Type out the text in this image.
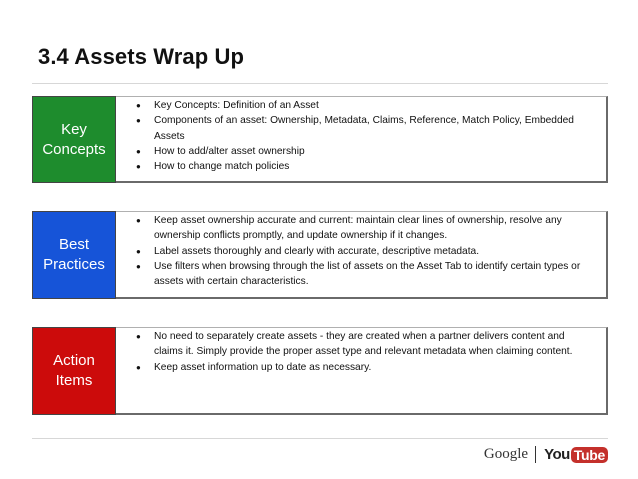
3.4 Assets Wrap Up
Key
Concepts
● Key Concepts: Definition of an Asset
● Components of an asset: Ownership, Metadata, Claims, Reference, Match Policy, Embedded Assets
● How to add/alter asset ownership
● How to change match policies
Best
Practices
● Keep asset ownership accurate and current: maintain clear lines of ownership, resolve any ownership conflicts promptly, and update ownership if it changes.
● Label assets thoroughly and clearly with accurate, descriptive metadata.
● Use filters when browsing through the list of assets on the Asset Tab to identify certain types or assets with certain characteristics.
Action
Items
● No need to separately create assets - they are created when a partner delivers content and claims it. Simply provide the proper asset type and relevant metadata when claiming content.
● Keep asset information up to date as necessary.
Google You Tube
